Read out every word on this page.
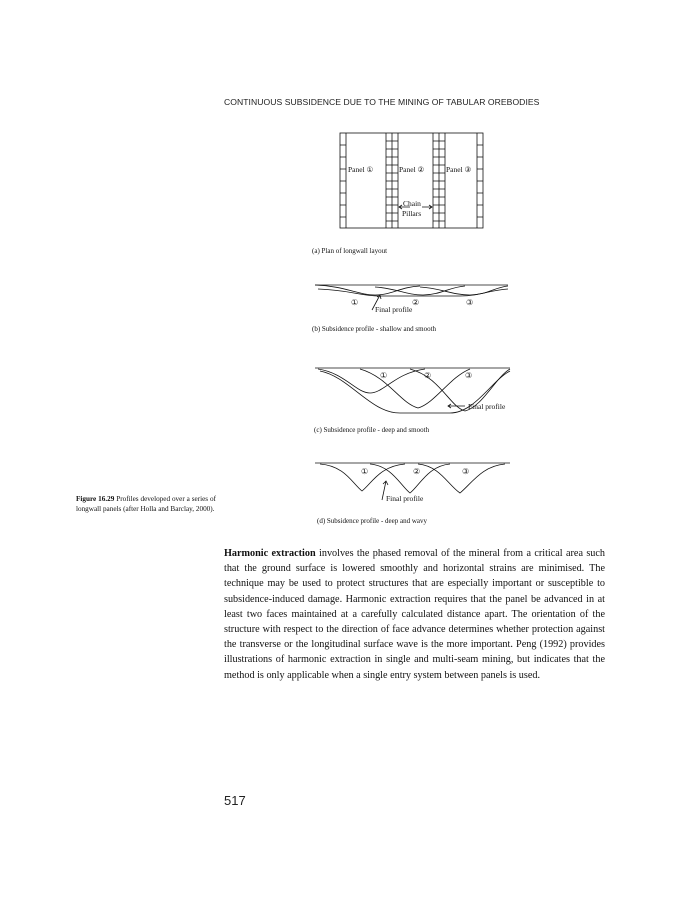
CONTINUOUS SUBSIDENCE DUE TO THE MINING OF TABULAR OREBODIES
Panel ①	Panel ②	Panel ③
Chain
Pillars
(a) Plan of longwall layout
①	②	③
Final profile
(b) Subsidence profile - shallow and smooth
①	②	③
Final profile
(c) Subsidence profile - deep and smooth
①	②	③
Final profile
(d) Subsidence profile - deep and wavy
Figure 16.29 Profiles developed over a series of longwall panels (after Holla and Barclay, 2000).
Harmonic extraction involves the phased removal of the mineral from a critical area such that the ground surface is lowered smoothly and horizontal strains are minimised. The technique may be used to protect structures that are especially important or susceptible to subsidence-induced damage. Harmonic extraction requires that the panel be advanced in at least two faces maintained at a carefully calculated distance apart. The orientation of the structure with respect to the direction of face advance determines whether protection against the transverse or the longitudinal surface wave is the more important. Peng (1992) provides illustrations of harmonic extraction in single and multi-seam mining, but indicates that the method is only applicable when a single entry system between panels is used.
517
